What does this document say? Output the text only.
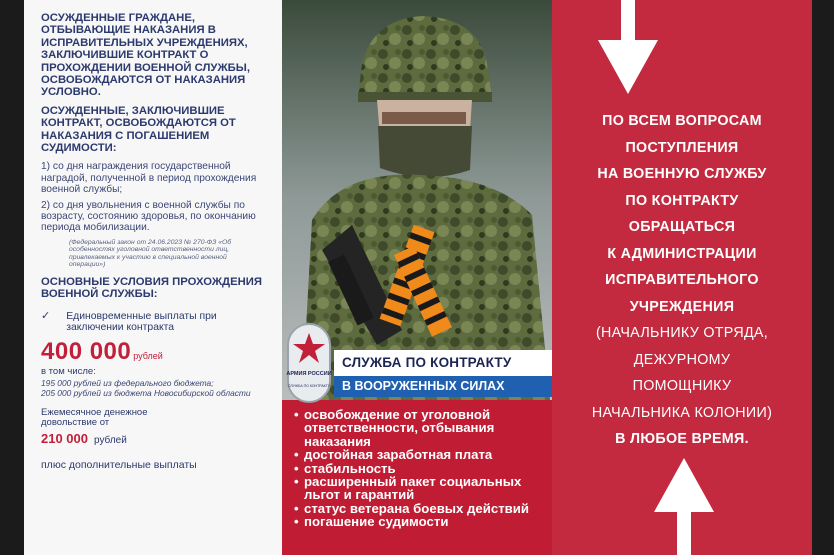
ОСУЖДЕННЫЕ ГРАЖДАНЕ, ОТБЫВАЮЩИЕ НАКАЗАНИЯ В ИСПРАВИТЕЛЬНЫХ УЧРЕЖДЕНИЯХ, ЗАКЛЮЧИВШИЕ КОНТРАКТ О ПРОХОЖДЕНИИ ВОЕННОЙ СЛУЖБЫ, ОСВОБОЖДАЮТСЯ ОТ НАКАЗАНИЯ УСЛОВНО.
ОСУЖДЕННЫЕ, ЗАКЛЮЧИВШИЕ КОНТРАКТ, ОСВОБОЖДАЮТСЯ ОТ НАКАЗАНИЯ С ПОГАШЕНИЕМ СУДИМОСТИ:
1) со дня награждения государственной наградой, полученной в период прохождения военной службы;
2) со дня увольнения с военной службы по возрасту, состоянию здоровья, по окончанию периода мобилизации.
(Федеральный закон от 24.06.2023 № 270-ФЗ «Об особенностях уголовной ответственности лиц, привлекаемых к участию в специальной военной операции»)
ОСНОВНЫЕ УСЛОВИЯ ПРОХОЖДЕНИЯ ВОЕННОЙ СЛУЖБЫ:
✓	Единовременные выплаты при заключении контракта
400 000 рублей
в том числе:
195 000 рублей из федерального бюджета;
205 000 рублей из бюджета Новосибирской области
Ежемесячное денежное довольствие от
210 000 рублей
плюс дополнительные выплаты
АРМИЯ РОССИИ
СЛУЖБА ПО КОНТРАКТУ
СЛУЖБА ПО КОНТРАКТУ
В ВООРУЖЕННЫХ СИЛАХ
• освобождение от уголовной ответственности, отбывания наказания
• достойная заработная плата
• стабильность
• расширенный пакет социальных льгот и гарантий
• статус ветерана боевых действий
• погашение судимости
ПО ВСЕМ ВОПРОСАМ
ПОСТУПЛЕНИЯ
НА ВОЕННУЮ СЛУЖБУ
ПО КОНТРАКТУ
ОБРАЩАТЬСЯ
К АДМИНИСТРАЦИИ
ИСПРАВИТЕЛЬНОГО
УЧРЕЖДЕНИЯ
(НАЧАЛЬНИКУ ОТРЯДА,
ДЕЖУРНОМУ
ПОМОЩНИКУ
НАЧАЛЬНИКА КОЛОНИИ)
В ЛЮБОЕ ВРЕМЯ.
